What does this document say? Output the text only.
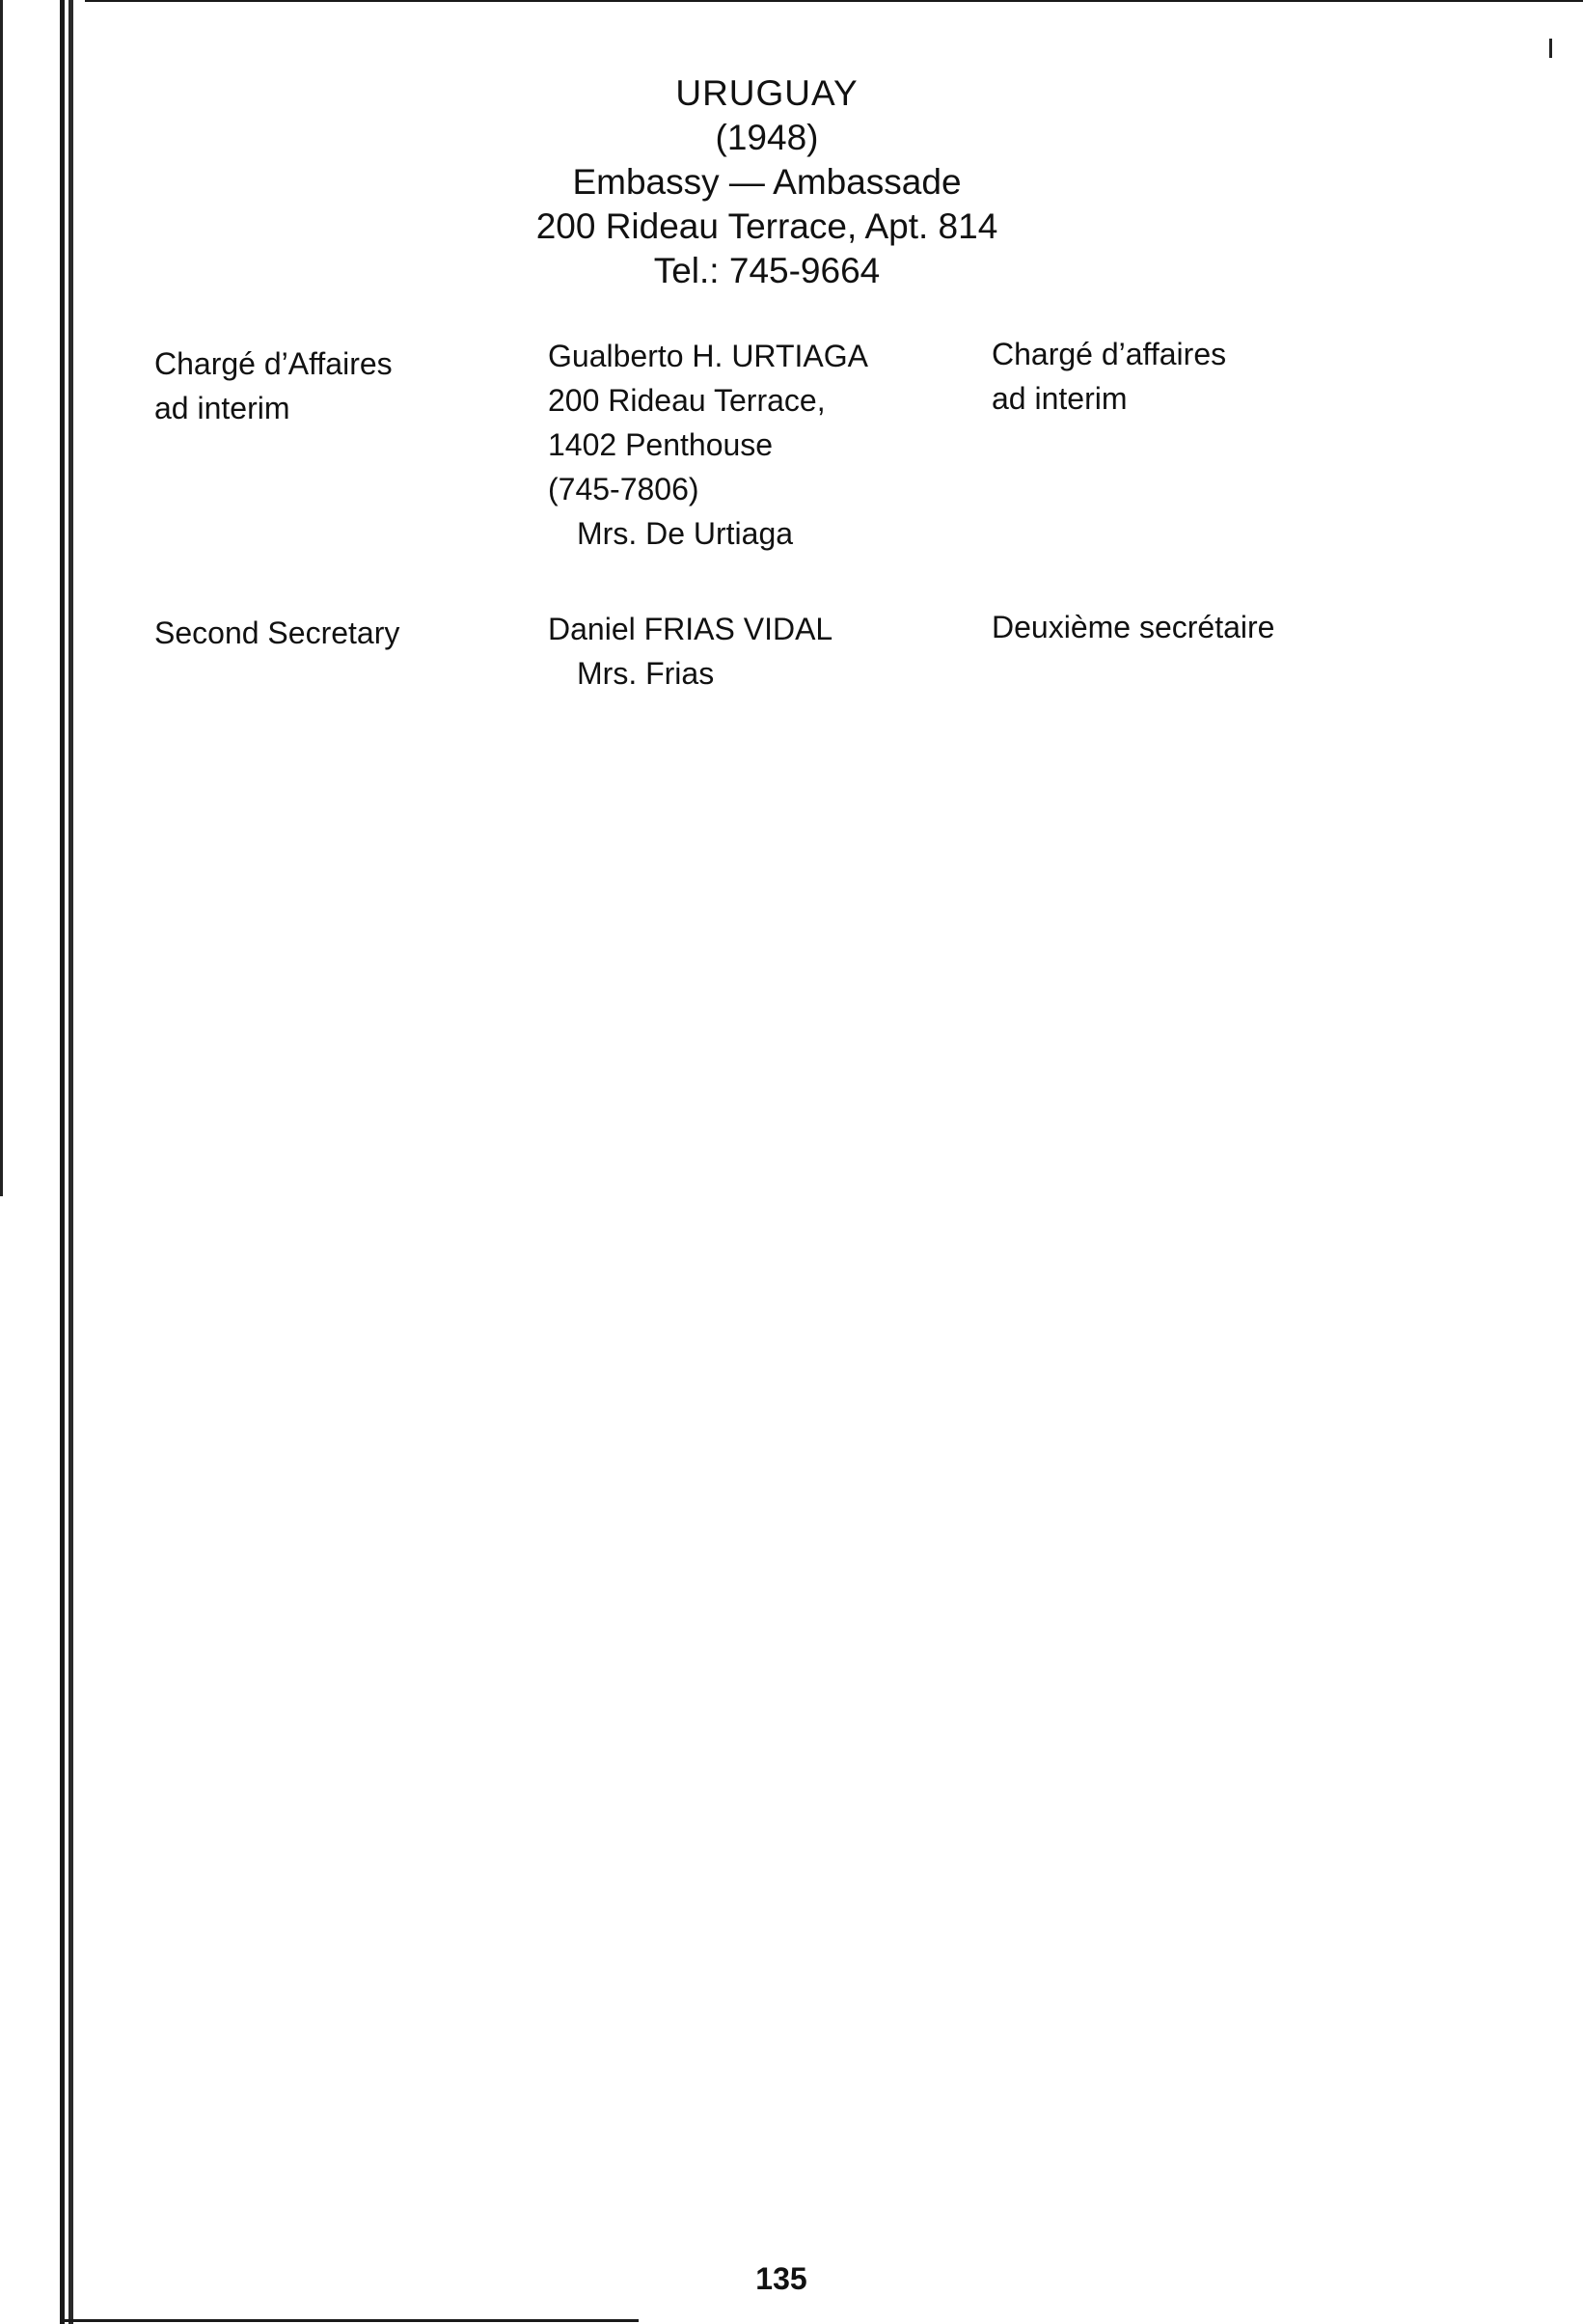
URUGUAY
(1948)
Embassy — Ambassade
200 Rideau Terrace, Apt. 814
Tel.: 745-9664
Chargé d’Affaires
ad interim
Gualberto H. URTIAGA
200 Rideau Terrace,
1402 Penthouse
(745-7806)
Mrs. De Urtiaga
Chargé d’affaires
ad interim
Second Secretary	Daniel FRIAS VIDAL
Mrs. Frias
Deuxième secrétaire
135
